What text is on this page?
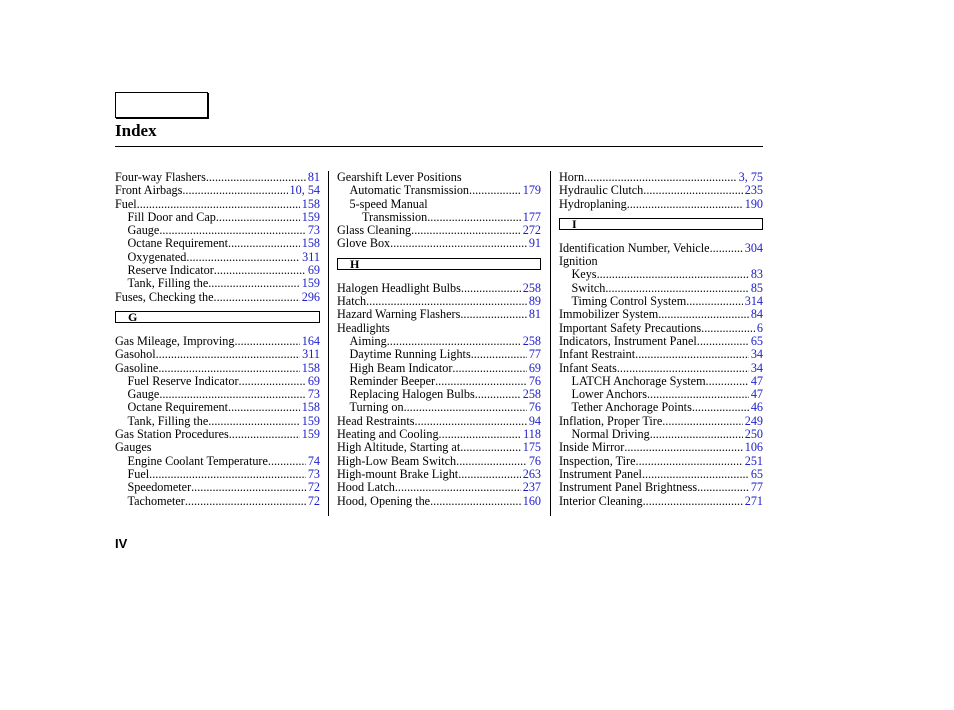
Index
Four-way Flashers .....	81
Front Airbags .....	10, 54
Fuel .....	158
Fill Door and Cap .....	159
Gauge .....	73
Octane Requirement .....	158
Oxygenated .....	311
Reserve Indicator .....	69
Tank, Filling the .....	159
Fuses, Checking the .....	296
G
Gas Mileage, Improving .....	164
Gasohol .....	311
Gasoline .....	158
Fuel Reserve Indicator .....	69
Gauge .....	73
Octane Requirement .....	158
Tank, Filling the .....	159
Gas Station Procedures .....	159
Gauges
Engine Coolant Temperature .....	74
Fuel .....	73
Speedometer .....	72
Tachometer .....	72
Gearshift Lever Positions
Automatic Transmission .....	179
5-speed Manual
Transmission .....	177
Glass Cleaning .....	272
Glove Box .....	91
H
Halogen Headlight Bulbs .....	258
Hatch .....	89
Hazard Warning Flashers .....	81
Headlights
Aiming .....	258
Daytime Running Lights .....	77
High Beam Indicator .....	69
Reminder Beeper .....	76
Replacing Halogen Bulbs .....	258
Turning on .....	76
Head Restraints .....	94
Heating and Cooling .....	118
High Altitude, Starting at .....	175
High-Low Beam Switch .....	76
High-mount Brake Light .....	263
Hood Latch .....	237
Hood, Opening the .....	160
Horn .....	3, 75
Hydraulic Clutch .....	235
Hydroplaning .....	190
I
Identification Number, Vehicle .....	304
Ignition
Keys .....	83
Switch .....	85
Timing Control System .....	314
Immobilizer System .....	84
Important Safety Precautions .....	6
Indicators, Instrument Panel .....	65
Infant Restraint .....	34
Infant Seats .....	34
LATCH Anchorage System .....	47
Lower Anchors .....	47
Tether Anchorage Points .....	46
Inflation, Proper Tire .....	249
Normal Driving .....	250
Inside Mirror .....	106
Inspection, Tire .....	251
Instrument Panel .....	65
Instrument Panel Brightness .....	77
Interior Cleaning .....	271
IV
